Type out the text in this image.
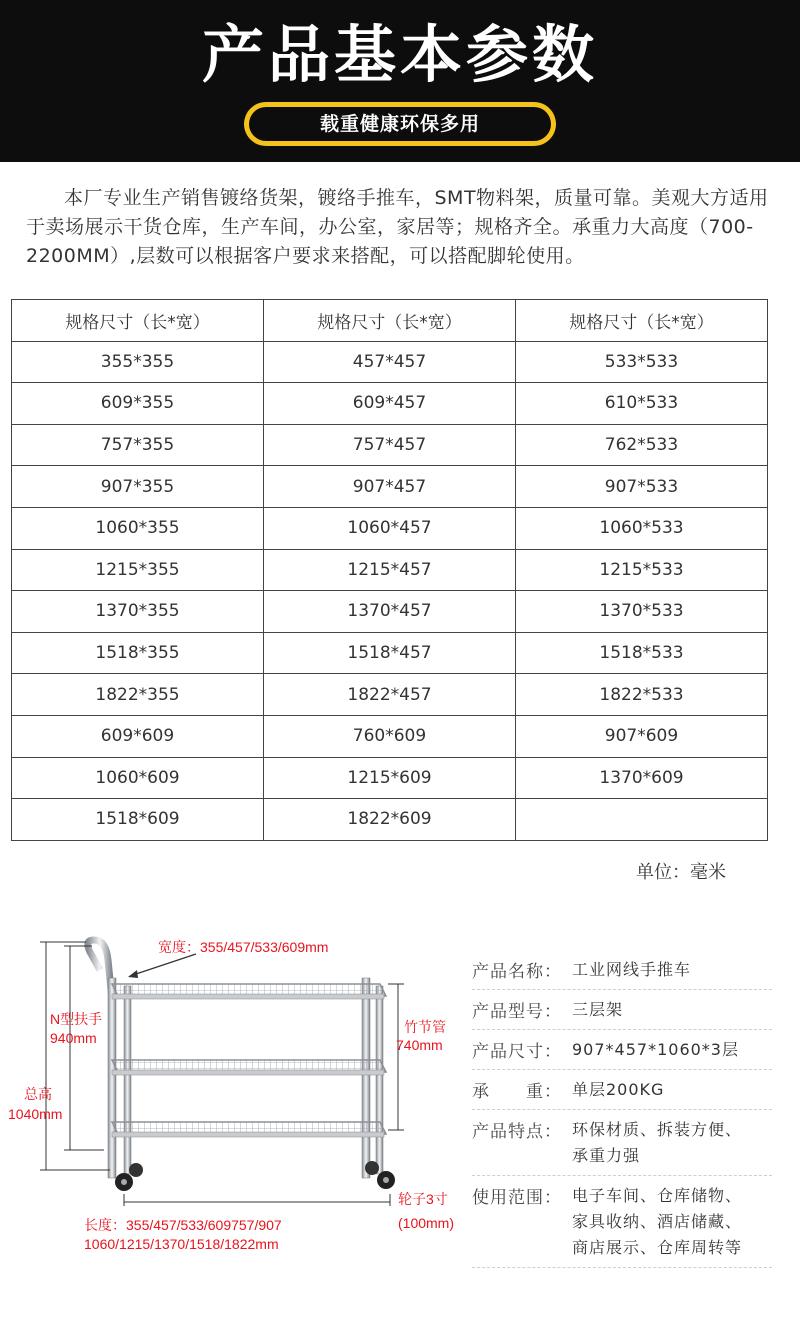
产品基本参数
载重健康环保多用
本厂专业生产销售镀络货架，镀络手推车，SMT物料架，质量可靠。美观大方适用于卖场展示干货仓库，生产车间，办公室，家居等；规格齐全。承重力大高度（700-2200MM）,层数可以根据客户要求来搭配，可以搭配脚轮使用。
规格尺寸（长*宽）	规格尺寸（长*宽）	规格尺寸（长*宽）
355*355	457*457	533*533
609*355	609*457	610*533
757*355	757*457	762*533
907*355	907*457	907*533
1060*355	1060*457	1060*533
1215*355	1215*457	1215*533
1370*355	1370*457	1370*533
1518*355	1518*457	1518*533
1822*355	1822*457	1822*533
609*609	760*609	907*609
1060*609	1215*609	1370*609
1518*609	1822*609	
单位：毫米
宽度：355/457/533/609mm
N型扶手
940mm
总高
1040mm
竹节管
740mm
轮子3寸
(100mm)
长度：355/457/533/609757/907
1060/1215/1370/1518/1822mm
产品名称： 工业网线手推车
产品型号： 三层架
产品尺寸： 907*457*1060*3层
承　　重： 单层200KG
产品特点： 环保材质、拆装方便、
承重力强
使用范围： 电子车间、仓库储物、
家具收纳、酒店储藏、
商店展示、仓库周转等
